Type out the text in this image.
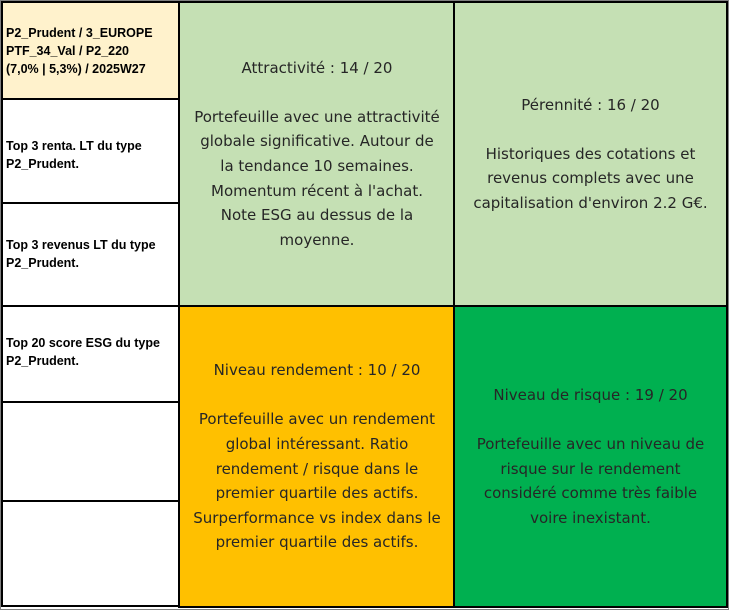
P2_Prudent / 3_EUROPE
PTF_34_Val / P2_220
(7,0% | 5,3%) / 2025W27
Top 3 renta. LT du type
P2_Prudent.
Top 3 revenus LT du type
P2_Prudent.
Top 20 score ESG du type
P2_Prudent.
Attractivité : 14 / 20
Portefeuille avec une attractivité
globale significative. Autour de
la tendance 10 semaines.
Momentum récent à l'achat.
Note ESG au dessus de la
moyenne.
Pérennité : 16 / 20
Historiques des cotations et
revenus complets avec une
capitalisation d'environ 2.2 G€.
Niveau rendement : 10 / 20
Portefeuille avec un rendement
global intéressant. Ratio
rendement / risque dans le
premier quartile des actifs.
Surperformance vs index dans le
premier quartile des actifs.
Niveau de risque : 19 / 20
Portefeuille avec un niveau de
risque sur le rendement
considéré comme très faible
voire inexistant.
